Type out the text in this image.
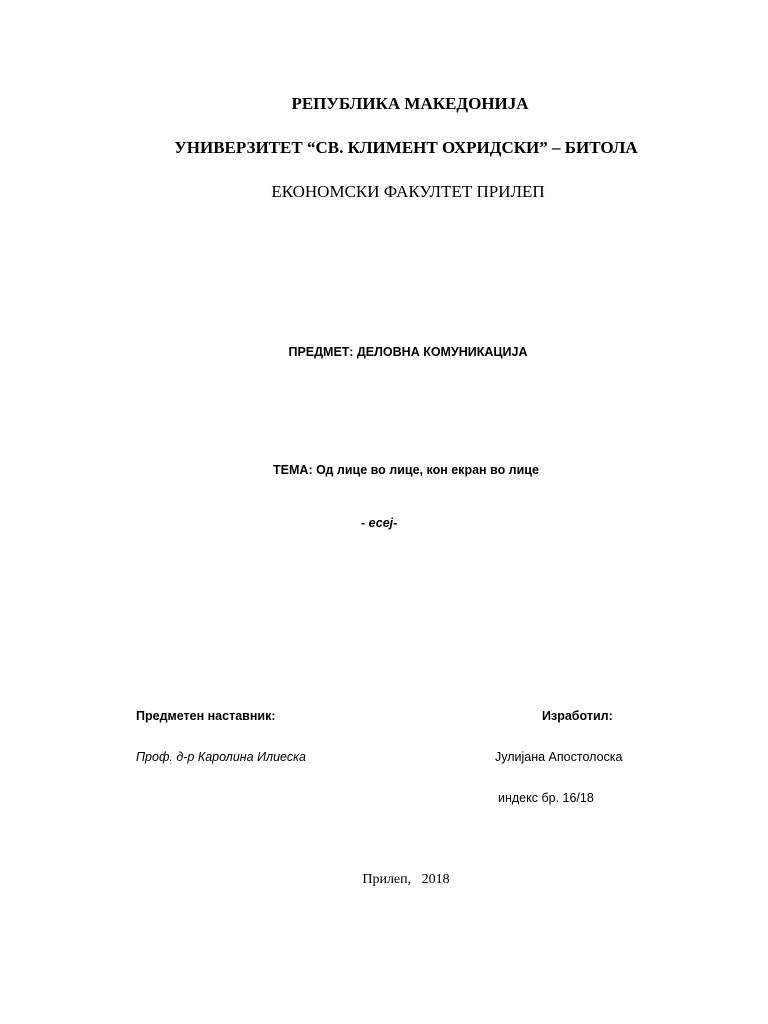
РЕПУБЛИКА МАКЕДОНИЈА
УНИВЕРЗИТЕТ “СВ. КЛИМЕНТ ОХРИДСКИ” – БИТОЛА
ЕКОНОМСКИ ФАКУЛТЕТ ПРИЛЕП
ПРЕДМЕТ: ДЕЛОВНА КОМУНИКАЦИЈА
ТЕМА: Од лице во лице, кон екран во лице
- есеј-
Предметен наставник:	Изработил:
Проф. д-р Каролина Илиеска	Јулијана Апостолоска
индекс бр. 16/18
Прилеп,   2018
